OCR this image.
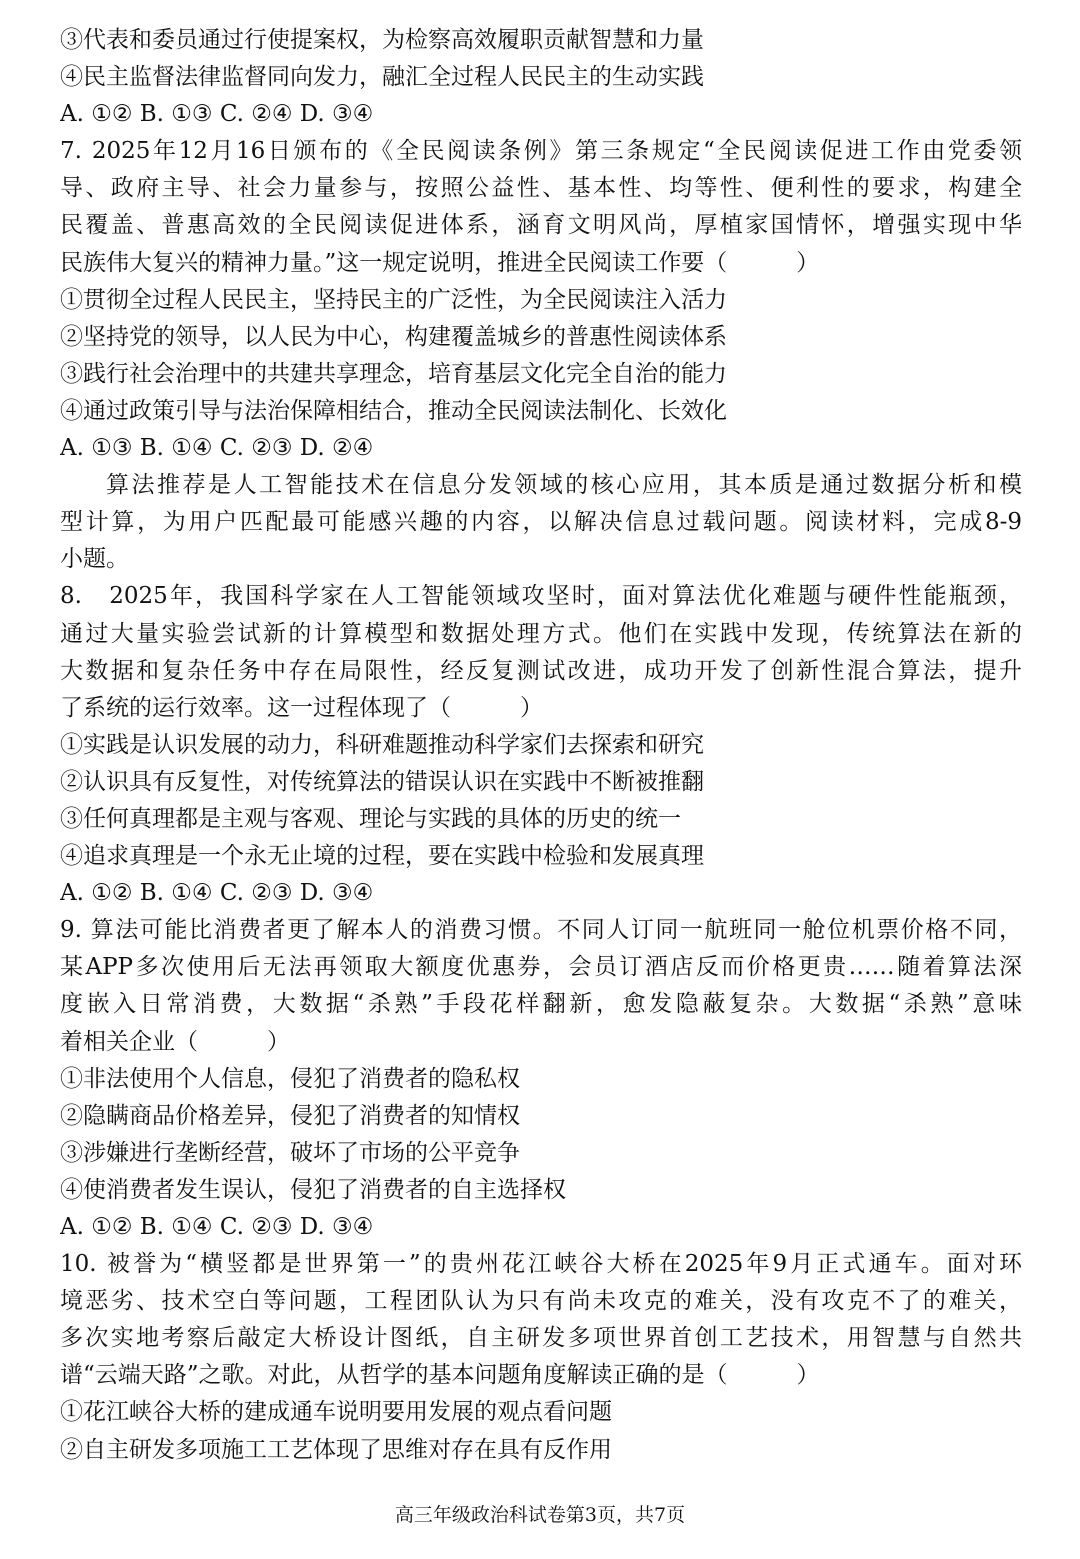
③代表和委员通过行使提案权，为检察高效履职贡献智慧和力量
④民主监督法律监督同向发力，融汇全过程人民民主的生动实践
A. ①② B. ①③ C. ②④ D. ③④
7. 2025年12月16日颁布的《全民阅读条例》第三条规定“全民阅读促进工作由党委领
导、政府主导、社会力量参与，按照公益性、基本性、均等性、便利性的要求，构建全
民覆盖、普惠高效的全民阅读促进体系，涵育文明风尚，厚植家国情怀，增强实现中华
民族伟大复兴的精神力量。”这一规定说明，推进全民阅读工作要（　　　）
①贯彻全过程人民民主，坚持民主的广泛性，为全民阅读注入活力
②坚持党的领导，以人民为中心，构建覆盖城乡的普惠性阅读体系
③践行社会治理中的共建共享理念，培育基层文化完全自治的能力
④通过政策引导与法治保障相结合，推动全民阅读法制化、长效化
A. ①③ B. ①④ C. ②③ D. ②④
算法推荐是人工智能技术在信息分发领域的核心应用，其本质是通过数据分析和模
型计算，为用户匹配最可能感兴趣的内容，以解决信息过载问题。阅读材料，完成8-9
小题。
8.　2025年，我国科学家在人工智能领域攻坚时，面对算法优化难题与硬件性能瓶颈，
通过大量实验尝试新的计算模型和数据处理方式。他们在实践中发现，传统算法在新的
大数据和复杂任务中存在局限性，经反复测试改进，成功开发了创新性混合算法，提升
了系统的运行效率。这一过程体现了（　　　）
①实践是认识发展的动力，科研难题推动科学家们去探索和研究
②认识具有反复性，对传统算法的错误认识在实践中不断被推翻
③任何真理都是主观与客观、理论与实践的具体的历史的统一
④追求真理是一个永无止境的过程，要在实践中检验和发展真理
A. ①② B. ①④ C. ②③ D. ③④
9. 算法可能比消费者更了解本人的消费习惯。不同人订同一航班同一舱位机票价格不同，
某APP多次使用后无法再领取大额度优惠券，会员订酒店反而价格更贵……随着算法深
度嵌入日常消费，大数据“杀熟”手段花样翻新，愈发隐蔽复杂。大数据“杀熟”意味
着相关企业（　　　）
①非法使用个人信息，侵犯了消费者的隐私权
②隐瞒商品价格差异，侵犯了消费者的知情权
③涉嫌进行垄断经营，破坏了市场的公平竞争
④使消费者发生误认，侵犯了消费者的自主选择权
A. ①② B. ①④ C. ②③ D. ③④
10. 被誉为“横竖都是世界第一”的贵州花江峡谷大桥在2025年9月正式通车。面对环
境恶劣、技术空白等问题，工程团队认为只有尚未攻克的难关，没有攻克不了的难关，
多次实地考察后敲定大桥设计图纸，自主研发多项世界首创工艺技术，用智慧与自然共
谱“云端天路”之歌。对此，从哲学的基本问题角度解读正确的是（　　　）
①花江峡谷大桥的建成通车说明要用发展的观点看问题
②自主研发多项施工工艺体现了思维对存在具有反作用
高三年级政治科试卷第3页，共7页
